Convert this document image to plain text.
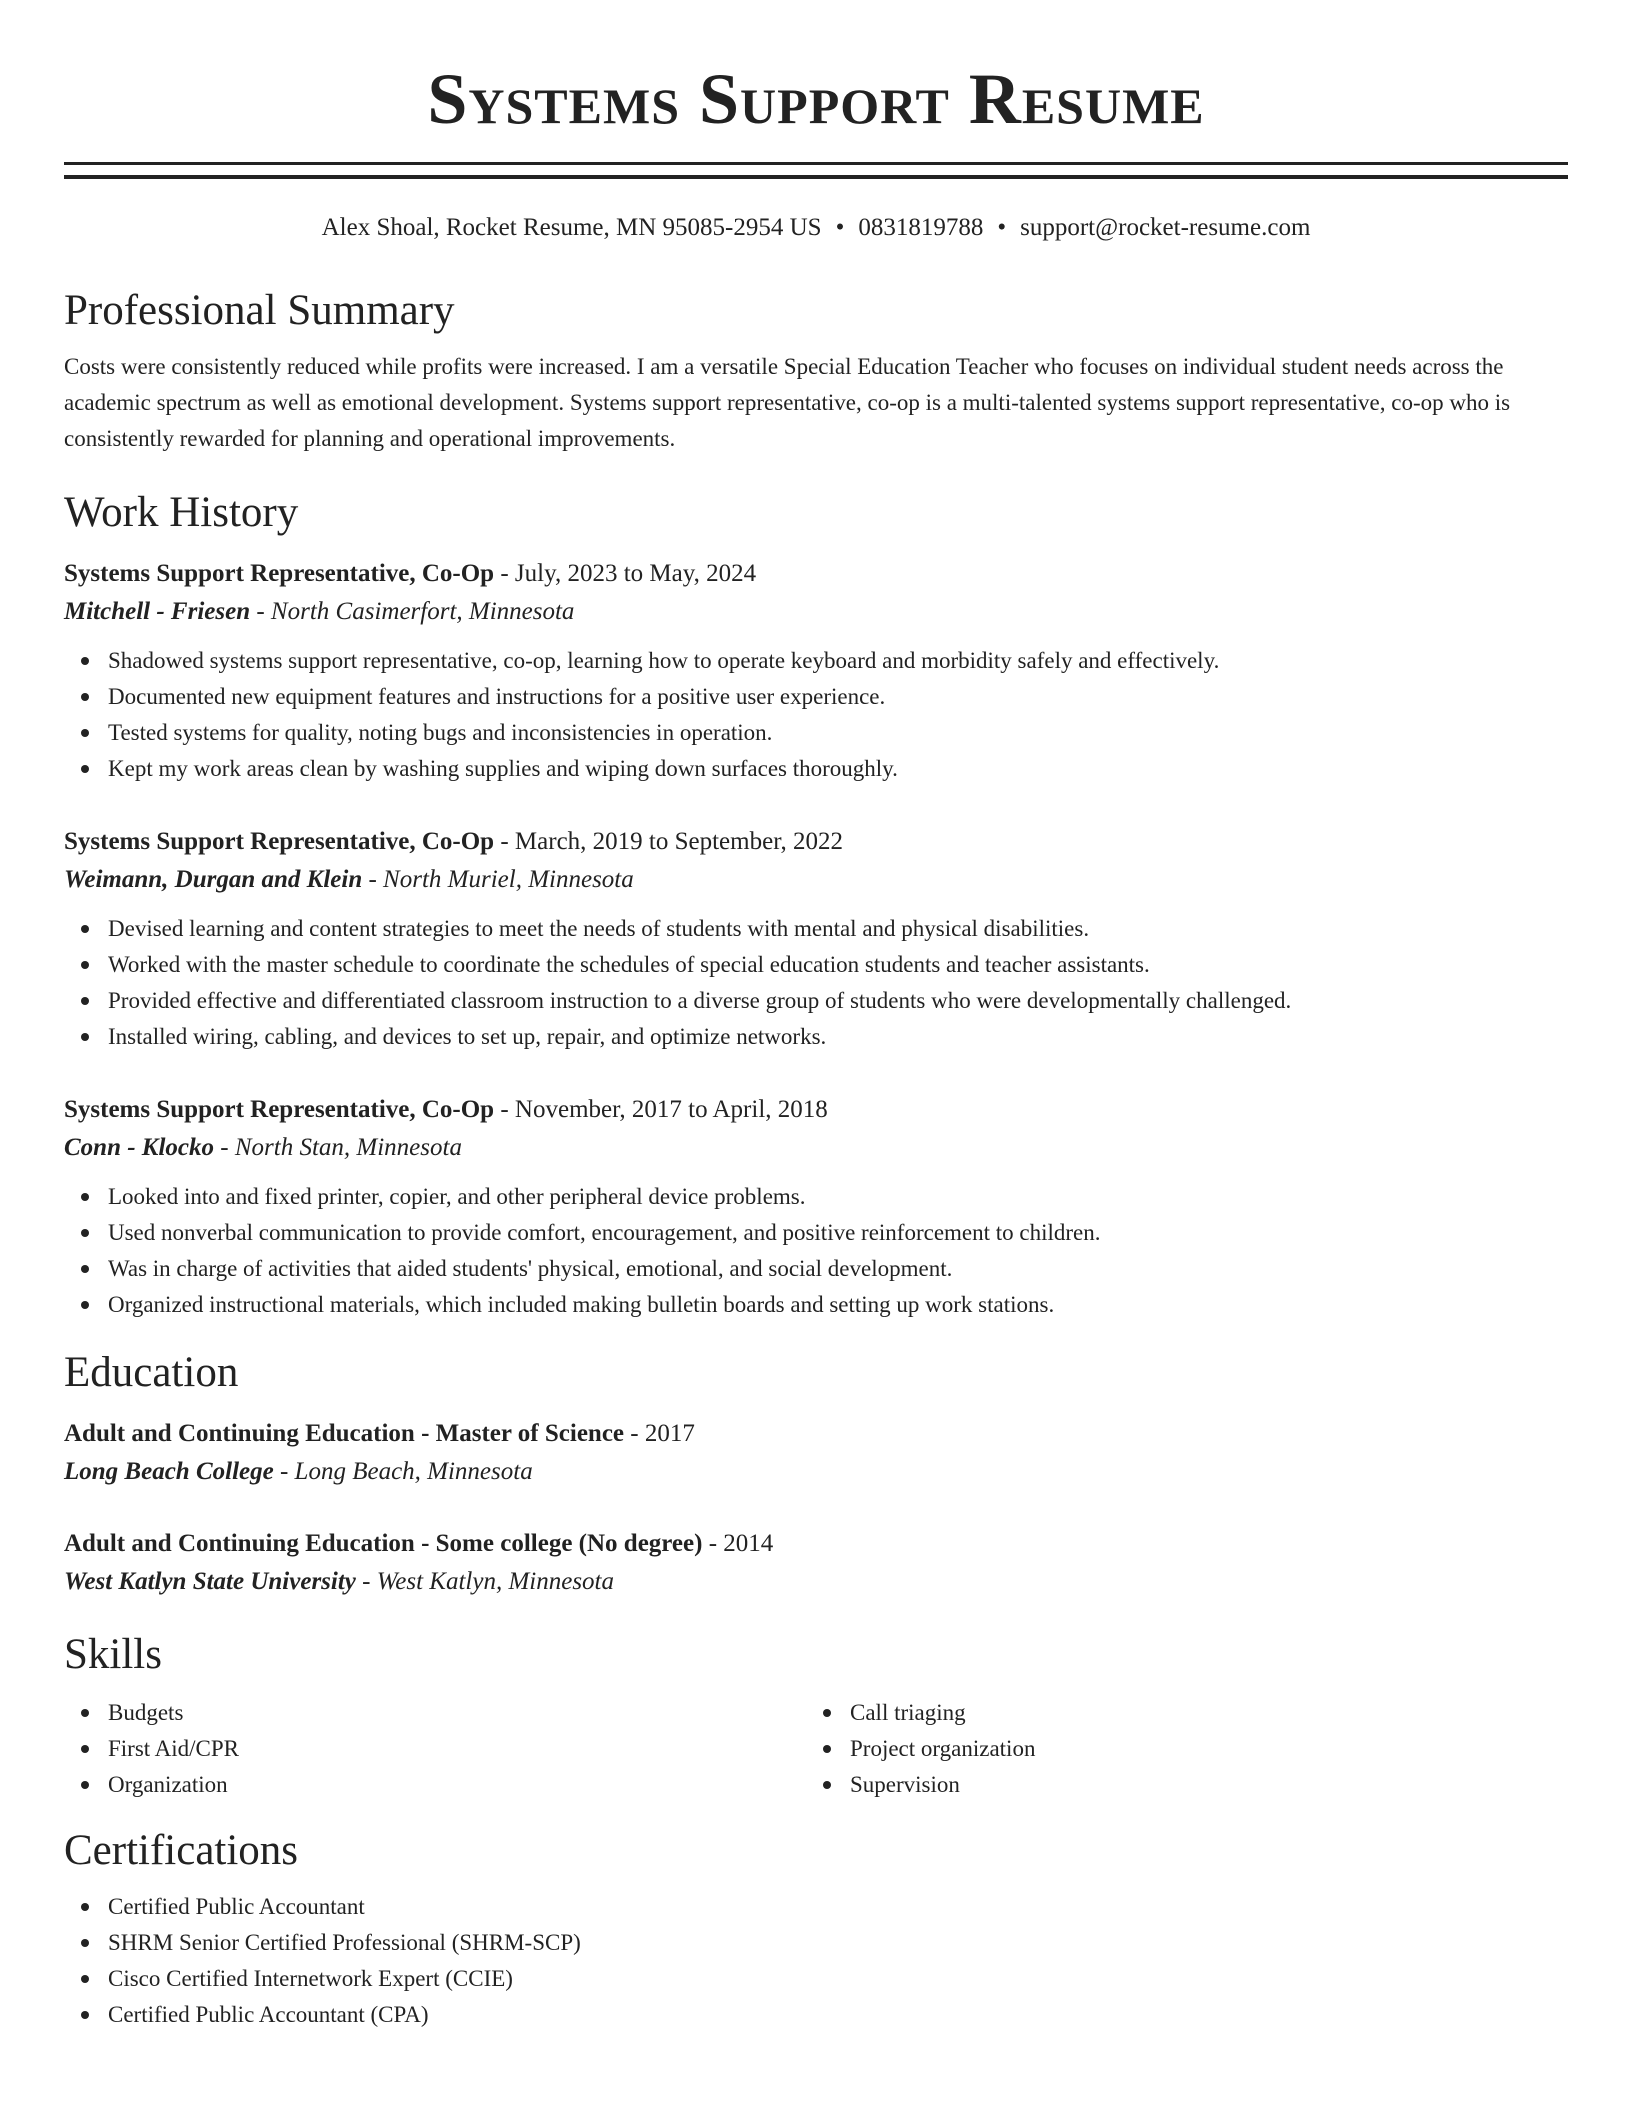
Systems Support Resume
Alex Shoal, Rocket Resume, MN 95085-2954 US • 0831819788 • support@rocket-resume.com
Professional Summary
Costs were consistently reduced while profits were increased. I am a versatile Special Education Teacher who focuses on individual student needs across the academic spectrum as well as emotional development. Systems support representative, co-op is a multi-talented systems support representative, co-op who is consistently rewarded for planning and operational improvements.
Work History
Systems Support Representative, Co-Op - July, 2023 to May, 2024
Mitchell - Friesen - North Casimerfort, Minnesota
Shadowed systems support representative, co-op, learning how to operate keyboard and morbidity safely and effectively.
Documented new equipment features and instructions for a positive user experience.
Tested systems for quality, noting bugs and inconsistencies in operation.
Kept my work areas clean by washing supplies and wiping down surfaces thoroughly.
Systems Support Representative, Co-Op - March, 2019 to September, 2022
Weimann, Durgan and Klein - North Muriel, Minnesota
Devised learning and content strategies to meet the needs of students with mental and physical disabilities.
Worked with the master schedule to coordinate the schedules of special education students and teacher assistants.
Provided effective and differentiated classroom instruction to a diverse group of students who were developmentally challenged.
Installed wiring, cabling, and devices to set up, repair, and optimize networks.
Systems Support Representative, Co-Op - November, 2017 to April, 2018
Conn - Klocko - North Stan, Minnesota
Looked into and fixed printer, copier, and other peripheral device problems.
Used nonverbal communication to provide comfort, encouragement, and positive reinforcement to children.
Was in charge of activities that aided students' physical, emotional, and social development.
Organized instructional materials, which included making bulletin boards and setting up work stations.
Education
Adult and Continuing Education - Master of Science - 2017
Long Beach College - Long Beach, Minnesota
Adult and Continuing Education - Some college (No degree) - 2014
West Katlyn State University - West Katlyn, Minnesota
Skills
Budgets
First Aid/CPR
Organization
Call triaging
Project organization
Supervision
Certifications
Certified Public Accountant
SHRM Senior Certified Professional (SHRM-SCP)
Cisco Certified Internetwork Expert (CCIE)
Certified Public Accountant (CPA)
